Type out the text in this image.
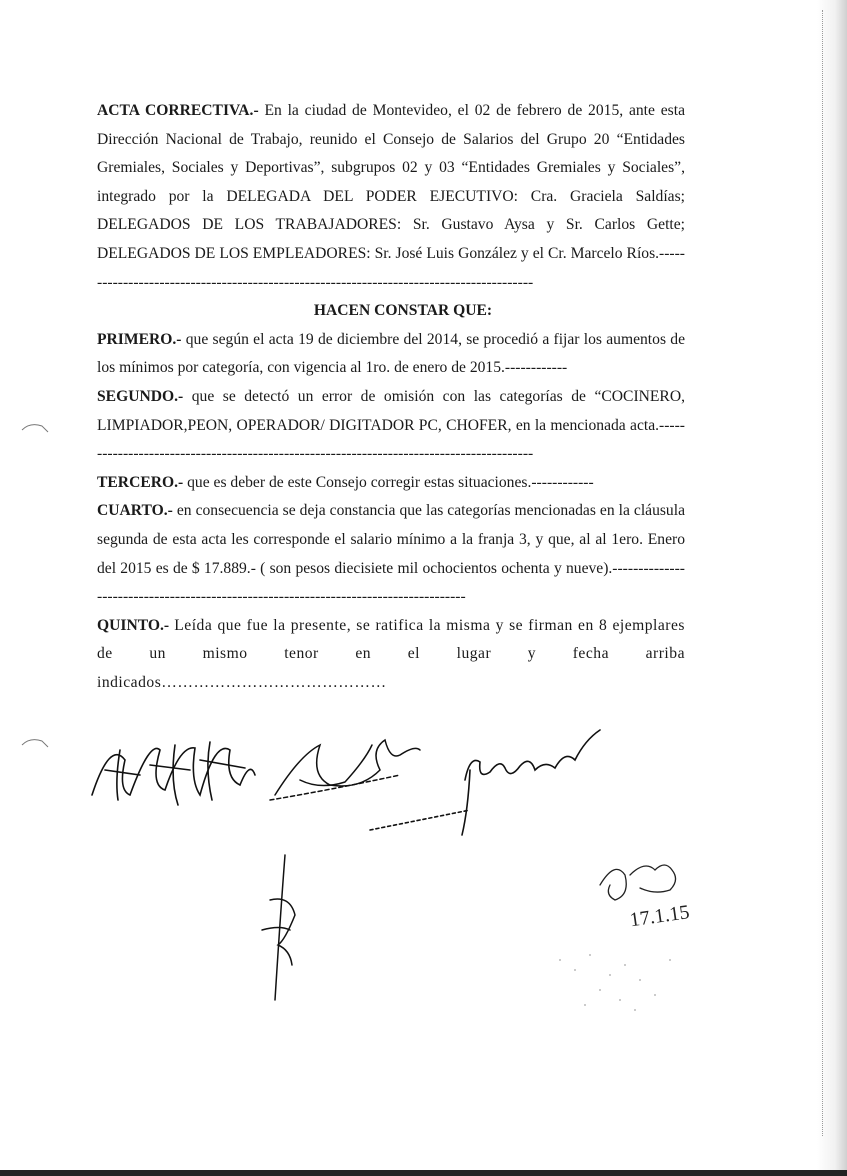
ACTA CORRECTIVA.- En la ciudad de Montevideo, el 02 de febrero de 2015, ante esta Dirección Nacional de Trabajo, reunido el Consejo de Salarios del Grupo 20 “Entidades Gremiales, Sociales y Deportivas”, subgrupos 02 y 03 “Entidades Gremiales y Sociales”, integrado por la DELEGADA DEL PODER EJECUTIVO: Cra. Graciela Saldías; DELEGADOS DE LOS TRABAJADORES: Sr. Gustavo Aysa y Sr. Carlos Gette; DELEGADOS DE LOS EMPLEADORES: Sr. José Luis González y el Cr. Marcelo Ríos.-----------------------------------------------------------------------------------------

HACEN CONSTAR QUE:

PRIMERO.- que según el acta 19 de diciembre del 2014, se procedió a fijar los aumentos de los mínimos por categoría, con vigencia al 1ro. de enero de 2015.------------

SEGUNDO.- que se detectó un error de omisión con las categorías de “COCINERO, LIMPIADOR,PEON, OPERADOR/ DIGITADOR PC, CHOFER, en la mencionada acta.-----------------------------------------------------------------------------------------

TERCERO.- que es deber de este Consejo corregir estas situaciones.------------

CUARTO.- en consecuencia se deja constancia que las categorías mencionadas en la cláusula segunda de esta acta les corresponde el salario mínimo a la franja 3, y que, al al 1ero. Enero del 2015 es de $ 17.889.- ( son pesos diecisiete mil ochocientos ochenta y nueve).-------------------------------------------------------------------------------------

QUINTO.- Leída que fue la presente, se ratifica la misma y se firman en 8 ejemplares de un mismo tenor en el lugar y fecha arriba indicados……………………………………

17.1.15
